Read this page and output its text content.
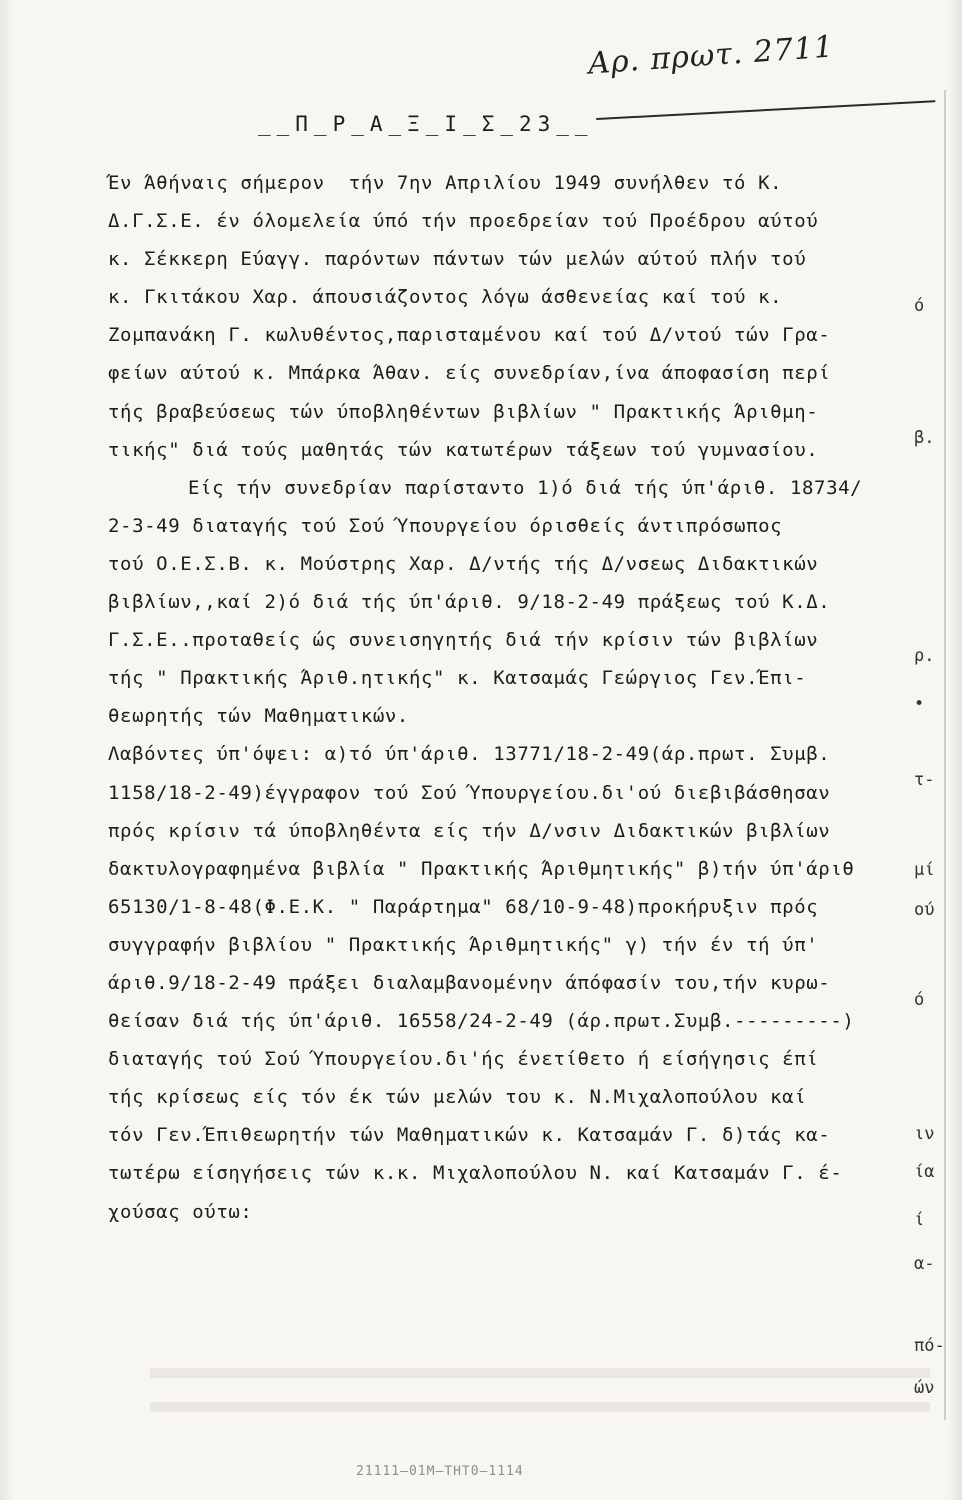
Αρ. πρωτ. 2711
__Π_Ρ_Α_Ξ_Ι_Σ_23__
Έν Άθήναις σήμερον  τήν 7ην Απριλίου 1949 συνήλθεν τό Κ.
Δ.Γ.Σ.Ε. έν όλομελεία ύπό τήν προεδρείαν τού Προέδρου αύτού
κ. Σέκκερη Εύαγγ. παρόντων πάντων τών μελών αύτού πλήν τού
κ. Γκιτάκου Χαρ. άπουσιάζοντος λόγω άσθενείας καί τού κ.
Ζομπανάκη Γ. κωλυθέντος,παρισταμένου καί τού Δ/ντού τών Γρα-
φείων αύτού κ. Μπάρκα Άθαν. είς συνεδρίαν,ίνα άποφασίση περί
τής βραβεύσεως τών ύποβληθέντων βιβλίων " Πρακτικής Άριθμη-
τικής" διά τούς μαθητάς τών κατωτέρων τάξεων τού γυμνασίου.
Είς τήν συνεδρίαν παρίσταντο 1)ό διά τής ύπ'άριθ. 18734/
2-3-49 διαταγής τού Σού Ύπουργείου όρισθείς άντιπρόσωπος
τού Ο.Ε.Σ.Β. κ. Μούστρης Χαρ. Δ/ντής τής Δ/νσεως Διδακτικών
βιβλίων,,καί 2)ό διά τής ύπ'άριθ. 9/18-2-49 πράξεως τού Κ.Δ.
Γ.Σ.Ε..προταθείς ώς συνεισηγητής διά τήν κρίσιν τών βιβλίων
τής " Πρακτικής Άριθ.ητικής" κ. Κατσαμάς Γεώργιος Γεν.Έπι-
θεωρητής τών Μαθηματικών.
Λαβόντες ύπ'όψει: α)τό ύπ'άριθ. 13771/18-2-49(άρ.πρωτ. Συμβ.
1158/18-2-49)έγγραφον τού Σού Ύπουργείου.δι'ού διεβιβάσθησαν
πρός κρίσιν τά ύποβληθέντα είς τήν Δ/νσιν Διδακτικών βιβλίων
δακτυλογραφημένα βιβλία " Πρακτικής Άριθμητικής" β)τήν ύπ'άριθ
65130/1-8-48(Φ.Ε.Κ. " Παράρτημα" 68/10-9-48)προκήρυξιν πρός
συγγραφήν βιβλίου " Πρακτικής Άριθμητικής" γ) τήν έν τή ύπ'
άριθ.9/18-2-49 πράξει διαλαμβανομένην άπόφασίν του,τήν κυρω-
θείσαν διά τής ύπ'άριθ. 16558/24-2-49 (άρ.πρωτ.Συμβ.---------)
διαταγής τού Σού Ύπουργείου.δι'ής ένετίθετο ή είσήγησις έπί
τής κρίσεως είς τόν έκ τών μελών του κ. Ν.Μιχαλοπούλου καί
τόν Γεν.Έπιθεωρητήν τών Μαθηματικών κ. Κατσαμάν Γ. δ)τάς κα-
τωτέρω είσηγήσεις τών κ.κ. Μιχαλοπούλου Ν. καί Κατσαμάν Γ. έ-
χούσας ούτω:
21111—01Μ—ΤΗΤ0—1114
ό
β.
ρ.
•
τ-
μί
ού
ό
ιν
ία
ί
α-
πό-
ών
